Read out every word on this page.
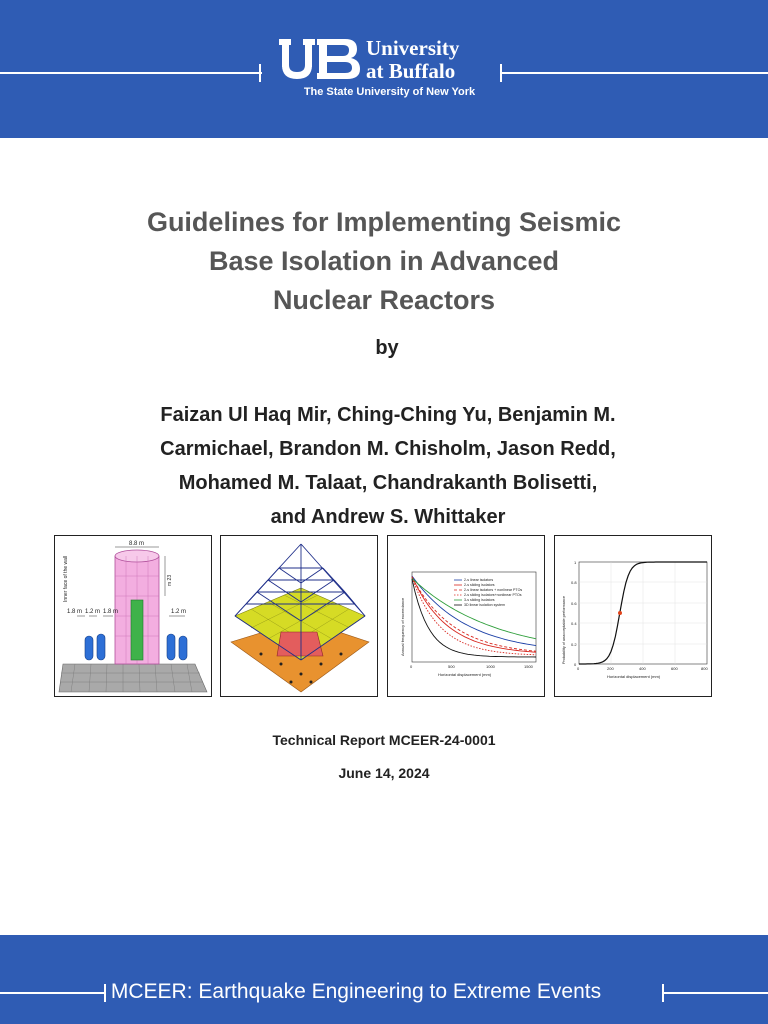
University
at Buffalo
The State University of New York
Guidelines for Implementing Seismic
Base Isolation in Advanced
Nuclear Reactors
by
Faizan Ul Haq Mir, Ching-Ching Yu, Benjamin M.
Carmichael, Brandon M. Chisholm, Jason Redd,
Mohamed M. Talaat, Chandrakanth Bolisetti,
and Andrew S. Whittaker
8.8 m
1.8 m 1.2 m 1.8 m	1.2 m
Inner face of the wall	m 23	2-s linear isolators
2-s sliding isolators
2-s linear isolators + nonlinear PTOs
2-s sliding isolators+nonlinear PTOs
3-s sliding isolators
3D linear isolation system
0	500	1000	1500
Horizontal displacement (mm)
Annual frequency of exceedance
0	200	400	600	800
0
0.2
0.4
0.6
0.8
1
Horizontal displacement (mm)
Probability of unacceptable performance
Technical Report MCEER-24-0001
June 14, 2024
MCEER: Earthquake Engineering to Extreme Events
